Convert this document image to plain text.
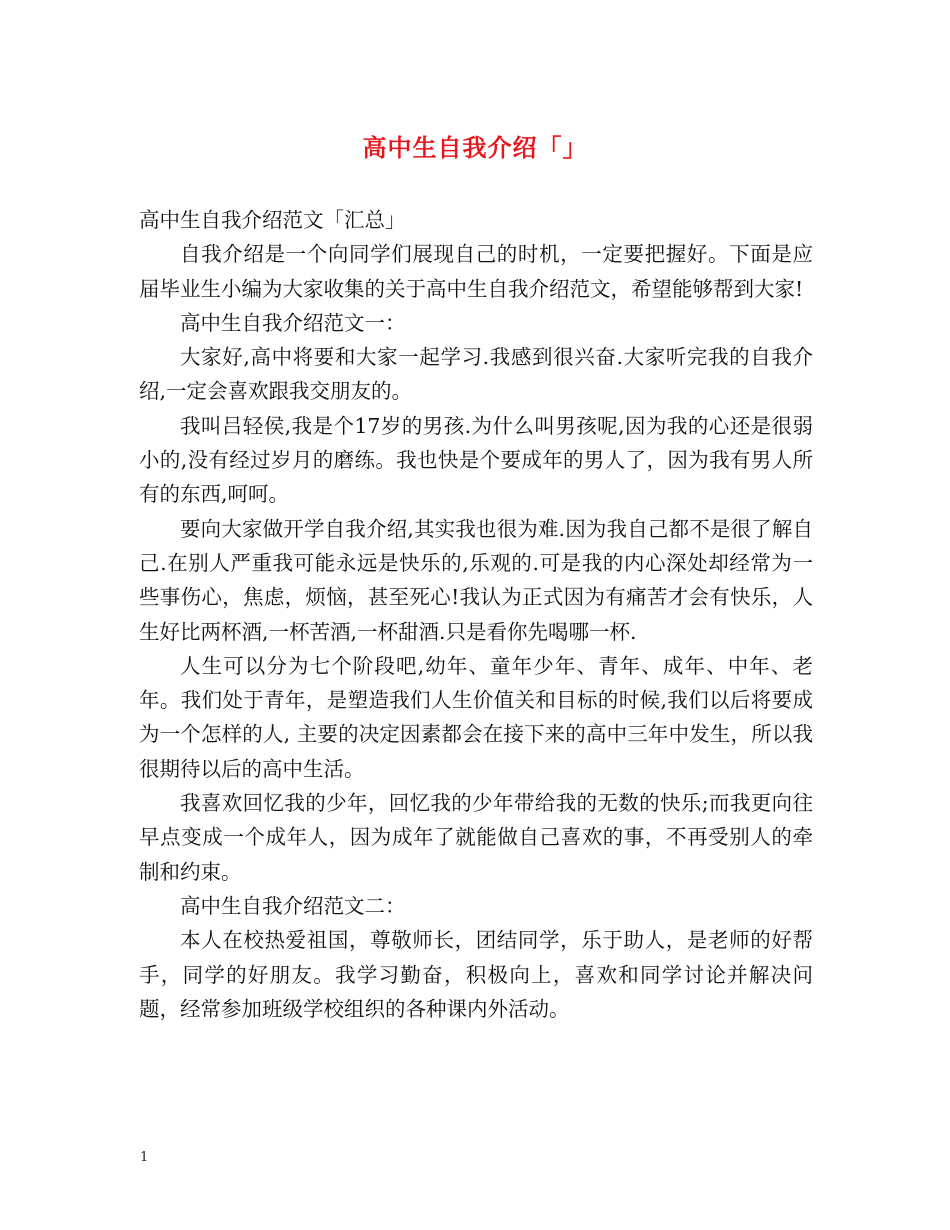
高中生自我介绍「」

高中生自我介绍范文「汇总」

自我介绍是一个向同学们展现自己的时机，一定要把握好。下面是应届毕业生小编为大家收集的关于高中生自我介绍范文，希望能够帮到大家!

高中生自我介绍范文一：

大家好,高中将要和大家一起学习.我感到很兴奋.大家听完我的自我介绍,一定会喜欢跟我交朋友的。

我叫吕轻侯,我是个17岁的男孩.为什么叫男孩呢,因为我的心还是很弱小的,没有经过岁月的磨练。我也快是个要成年的男人了，因为我有男人所有的东西,呵呵。

要向大家做开学自我介绍,其实我也很为难.因为我自己都不是很了解自己.在别人严重我可能永远是快乐的,乐观的.可是我的内心深处却经常为一些事伤心，焦虑，烦恼，甚至死心!我认为正式因为有痛苦才会有快乐，人生好比两杯酒,一杯苦酒,一杯甜酒.只是看你先喝哪一杯.

人生可以分为七个阶段吧,幼年、童年少年、青年、成年、中年、老年。我们处于青年，是塑造我们人生价值关和目标的时候,我们以后将要成为一个怎样的人, 主要的决定因素都会在接下来的高中三年中发生，所以我很期待以后的高中生活。

我喜欢回忆我的少年，回忆我的少年带给我的无数的快乐;而我更向往早点变成一个成年人，因为成年了就能做自己喜欢的事，不再受别人的牵制和约束。

高中生自我介绍范文二：

本人在校热爱祖国，尊敬师长，团结同学，乐于助人，是老师的好帮手，同学的好朋友。我学习勤奋，积极向上，喜欢和同学讨论并解决问题，经常参加班级学校组织的各种课内外活动。

1
